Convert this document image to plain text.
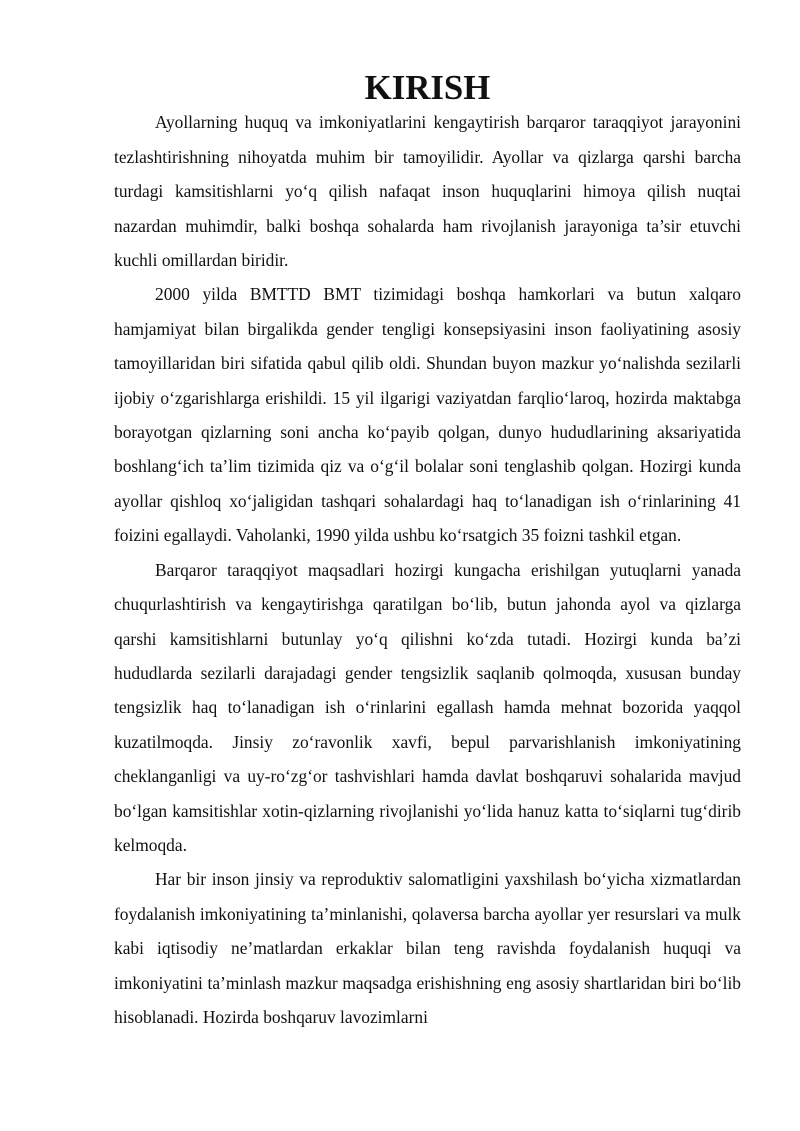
KIRISH

Ayollarning huquq va imkoniyatlarini kengaytirish barqaror taraqqiyot jarayonini tezlashtirishning nihoyatda muhim bir tamoyilidir. Ayollar va qizlarga qarshi barcha turdagi kamsitishlarni yo‘q qilish nafaqat inson huquqlarini himoya qilish nuqtai nazardan muhimdir, balki boshqa sohalarda ham rivojlanish jarayoniga ta’sir etuvchi kuchli omillardan biridir.

2000 yilda BMTTD BMT tizimidagi boshqa hamkorlari va butun xalqaro hamjamiyat bilan birgalikda gender tengligi konsepsiyasini inson faoliyatining asosiy tamoyillaridan biri sifatida qabul qilib oldi. Shundan buyon mazkur yo‘nalishda sezilarli ijobiy o‘zgarishlarga erishildi. 15 yil ilgarigi vaziyatdan farqlio‘laroq, hozirda maktabga borayotgan qizlarning soni ancha ko‘payib qolgan, dunyo hududlarining aksariyatida boshlang‘ich ta’lim tizimida qiz va o‘g‘il bolalar soni tenglashib qolgan. Hozirgi kunda ayollar qishloq xo‘jaligidan tashqari sohalardagi haq to‘lanadigan ish o‘rinlarining 41 foizini egallaydi. Vaholanki, 1990 yilda ushbu ko‘rsatgich 35 foizni tashkil etgan.

Barqaror taraqqiyot maqsadlari hozirgi kungacha erishilgan yutuqlarni yanada chuqurlashtirish va kengaytirishga qaratilgan bo‘lib, butun jahonda ayol va qizlarga qarshi kamsitishlarni butunlay yo‘q qilishni ko‘zda tutadi. Hozirgi kunda ba’zi hududlarda sezilarli darajadagi gender tengsizlik saqlanib qolmoqda, xususan bunday tengsizlik haq to‘lanadigan ish o‘rinlarini egallash hamda mehnat bozorida yaqqol kuzatilmoqda. Jinsiy zo‘ravonlik xavfi, bepul parvarishlanish imkoniyatining cheklanganligi va uy-ro‘zg‘or tashvishlari hamda davlat boshqaruvi sohalarida mavjud bo‘lgan kamsitishlar xotin-qizlarning rivojlanishi yo‘lida hanuz katta to‘siqlarni tug‘dirib kelmoqda.

Har bir inson jinsiy va reproduktiv salomatligini yaxshilash bo‘yicha xizmatlardan foydalanish imkoniyatining ta’minlanishi, qolaversa barcha ayollar yer resurslari va mulk kabi iqtisodiy ne’matlardan erkaklar bilan teng ravishda foydalanish huquqi va imkoniyatini ta’minlash mazkur maqsadga erishishning eng asosiy shartlaridan biri bo‘lib hisoblanadi. Hozirda boshqaruv lavozimlarni
